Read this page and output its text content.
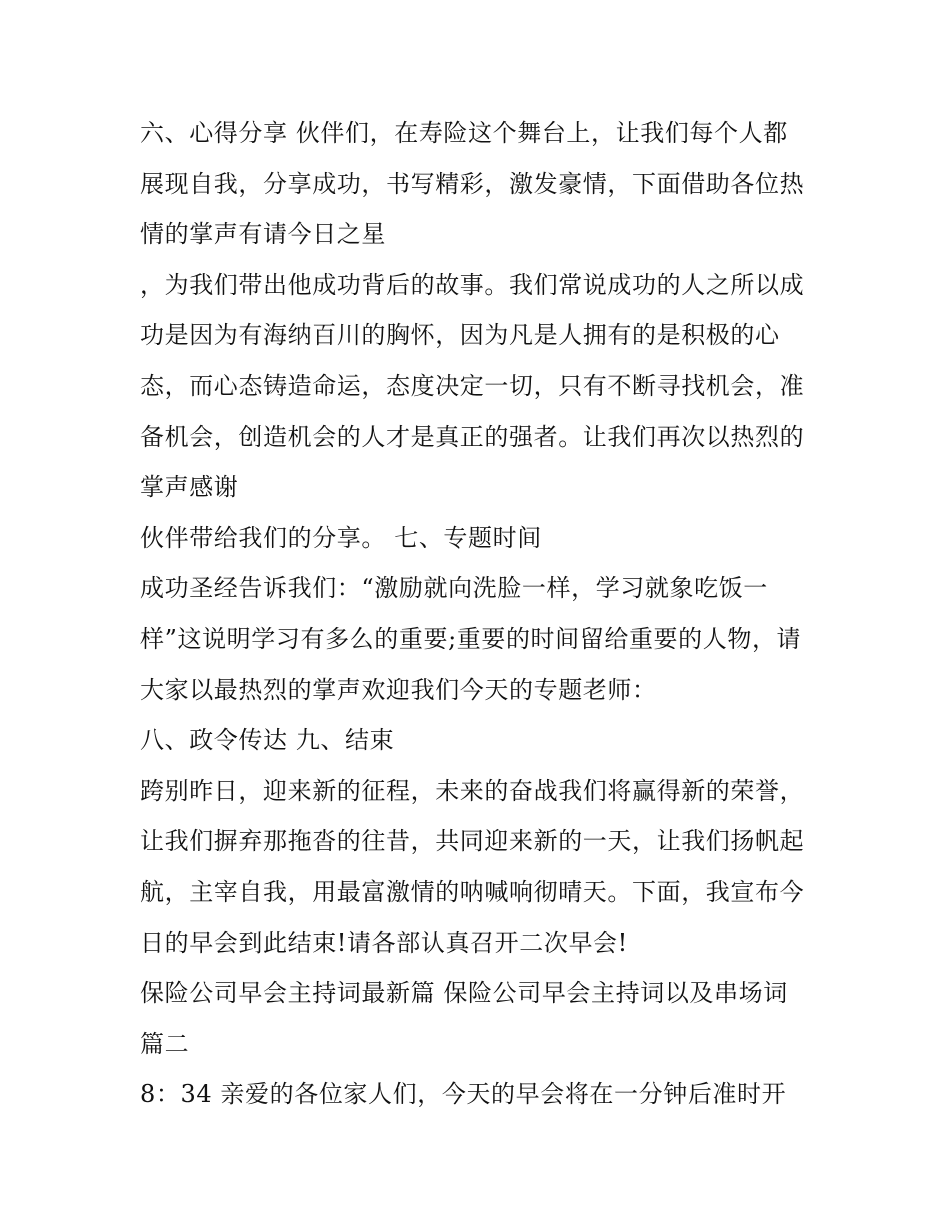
六、心得分享 伙伴们，在寿险这个舞台上，让我们每个人都
展现自我，分享成功，书写精彩，激发豪情，下面借助各位热
情的掌声有请今日之星
，为我们带出他成功背后的故事。我们常说成功的人之所以成
功是因为有海纳百川的胸怀，因为凡是人拥有的是积极的心
态，而心态铸造命运，态度决定一切，只有不断寻找机会，准
备机会，创造机会的人才是真正的强者。让我们再次以热烈的
掌声感谢
伙伴带给我们的分享。 七、专题时间
成功圣经告诉我们：“激励就向洗脸一样，学习就象吃饭一
样”这说明学习有多么的重要;重要的时间留给重要的人物，请
大家以最热烈的掌声欢迎我们今天的专题老师：
八、政令传达 九、结束
跨别昨日，迎来新的征程，未来的奋战我们将赢得新的荣誉，
让我们摒弃那拖沓的往昔，共同迎来新的一天，让我们扬帆起
航，主宰自我，用最富激情的呐喊响彻晴天。下面，我宣布今
日的早会到此结束!请各部认真召开二次早会!
保险公司早会主持词最新篇 保险公司早会主持词以及串场词
篇二
8：34 亲爱的各位家人们，今天的早会将在一分钟后准时开
